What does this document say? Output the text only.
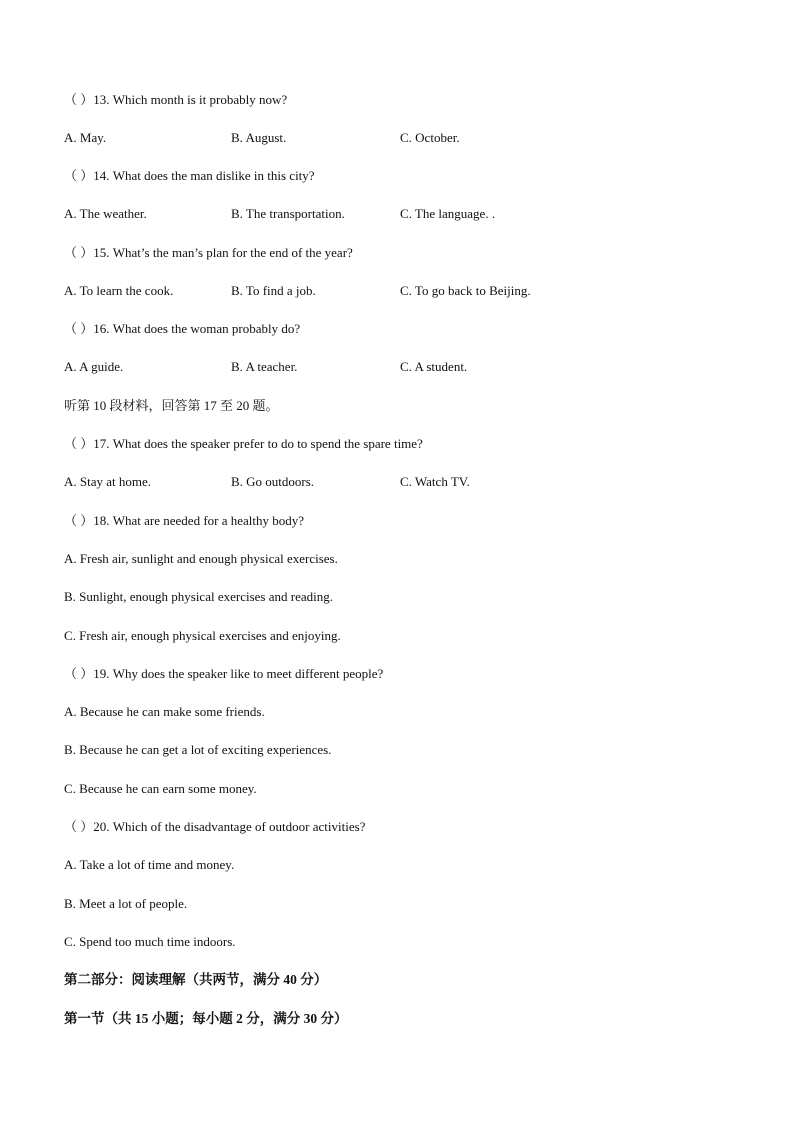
（ ）13. Which month is it probably now?
A. May.	B. August.	C. October.
（ ）14. What does the man dislike in this city?
A. The weather.	B. The transportation.	C. The language. .
（ ）15. What’s the man’s plan for the end of the year?
A. To learn the cook.	B. To find a job.	C. To go back to Beijing.
（ ）16. What does the woman probably do?
A. A guide.	B. A teacher.	C. A student.
听第 10 段材料，回答第 17 至 20 题。
（ ）17. What does the speaker prefer to do to spend the spare time?
A. Stay at home.	B. Go outdoors.	C. Watch TV.
（ ）18. What are needed for a healthy body?
A. Fresh air, sunlight and enough physical exercises.
B. Sunlight, enough physical exercises and reading.
C. Fresh air, enough physical exercises and enjoying.
（ ）19. Why does the speaker like to meet different people?
A. Because he can make some friends.
B. Because he can get a lot of exciting experiences.
C. Because he can earn some money.
（ ）20. Which of the disadvantage of outdoor activities?
A. Take a lot of time and money.
B. Meet a lot of people.
C. Spend too much time indoors.
第二部分：阅读理解（共两节，满分 40 分）
第一节（共 15 小题；每小题 2 分，满分 30 分）
